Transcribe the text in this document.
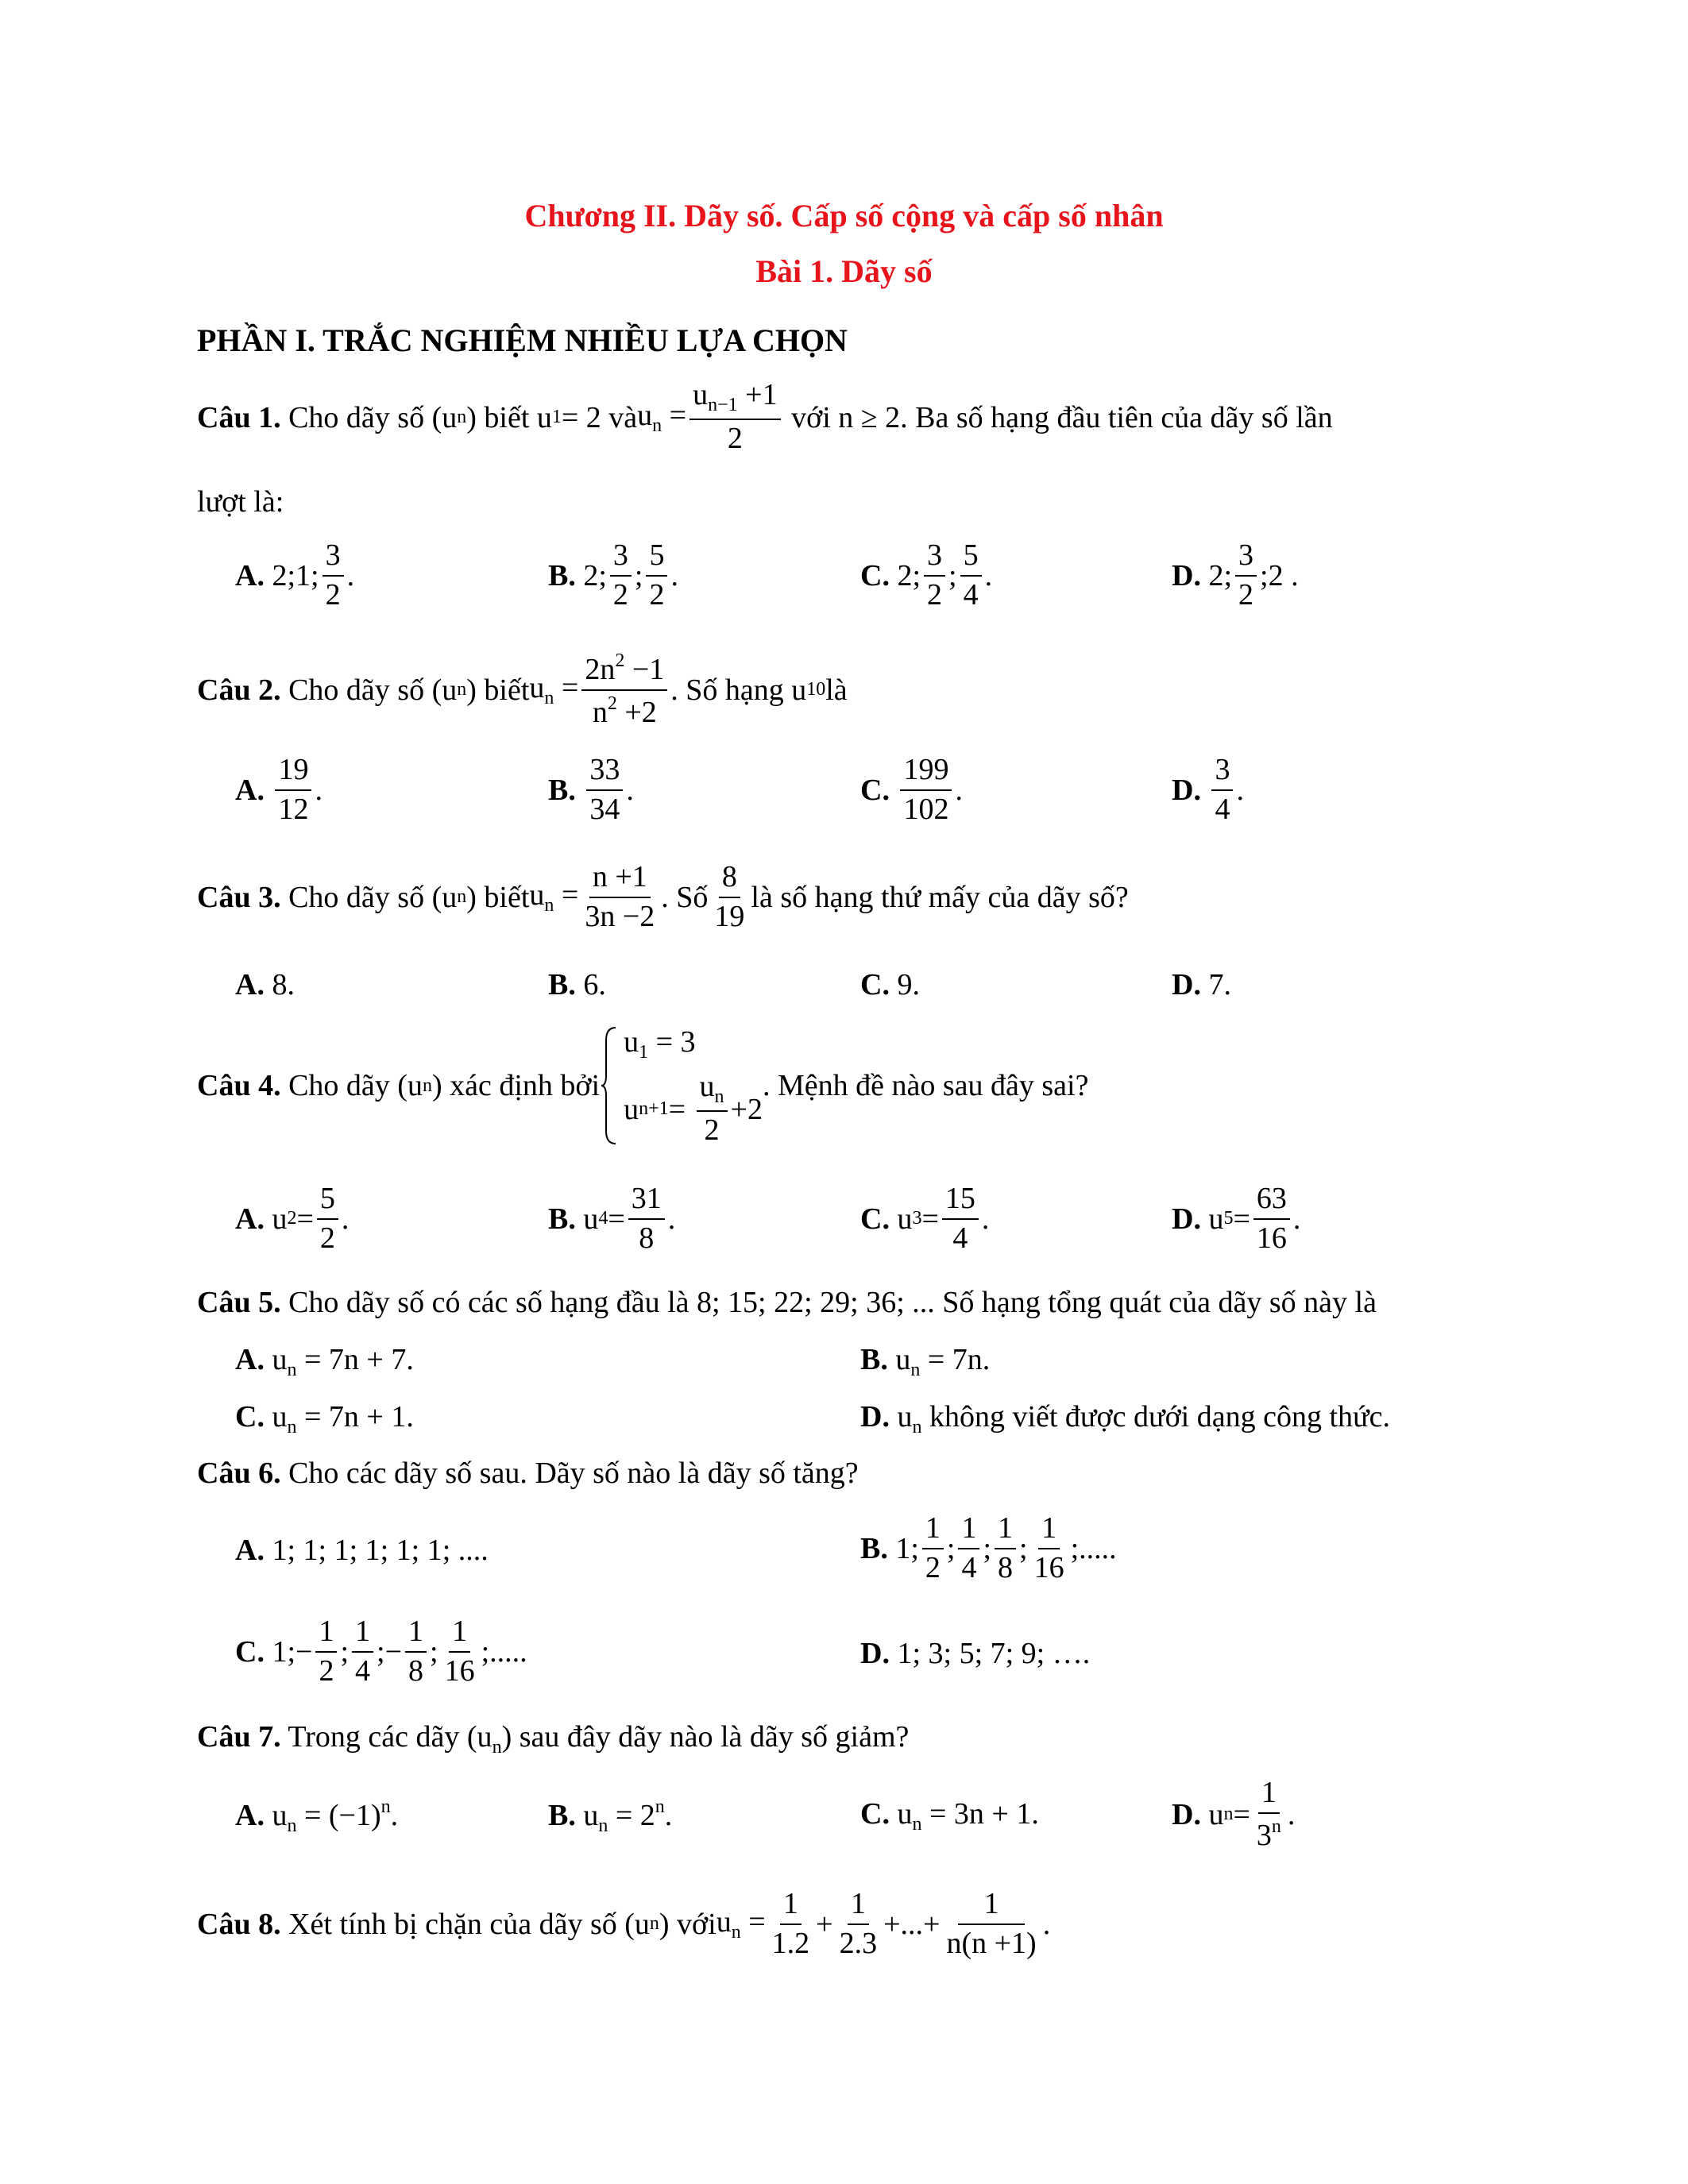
Chương II. Dãy số. Cấp số cộng và cấp số nhân
Bài 1. Dãy số
PHẦN I. TRẮC NGHIỆM NHIỀU LỰA CHỌN
Câu 1.
Cho dãy số (u n ) biết u 1 = 2 và $u_n = \frac{u_{n-1} +1}{2}$
với n ≥ 2. Ba số hạng đầu tiên của dãy số lần
lượt là:
A. 2;1; $\frac{3}{2}$ .	B. 2; $\frac{3}{2}$ ; $\frac{5}{2}$ .	C. 2; $\frac{3}{2}$ ; $\frac{5}{4}$ .	D. 2; $\frac{3}{2}$ ;2 .
Câu 2.
Cho dãy số (u n ) biết $u_n = \frac{2n^2 -1}{n^2 +2}$ . Số hạng u 10 là
A.
$\frac{19}{12}$ .	B.
$\frac{33}{34}$ .	C.
$\frac{199}{102}$ .	D.
$\frac{3}{4}$ .
Câu 3.
Cho dãy số (u n ) biết $u_n = \frac{n +1}{3n -2}$ . Số $\frac{8}{19}$ là số hạng thứ mấy của dãy số?
A. 8.	B. 6.	C. 9.	D. 7.
Câu 4.
Cho dãy (u n ) xác định bởi
$u_1 = 3$
u $n+1 = \frac{u_n}{2} +2$
. Mệnh đề nào sau đây sai?
A. u $2 = \frac{5}{2}$ .	B. u $4 = \frac{31}{8}$ .	C. u $3 = \frac{15}{4}$ .	D. u $5 = \frac{63}{16}$ .
Câu 5. Cho dãy số có các số hạng đầu là 8; 15; 22; 29; 36; ... Số hạng tổng quát của dãy số này là
A. $u_n = 7n + 7$.	B. $u_n = 7n$.
C. $u_n = 7n + 1$.	D. $u_n$ không viết được dưới dạng công thức.
Câu 6. Cho các dãy số sau. Dãy số nào là dãy số tăng?
A. 1; 1; 1; 1; 1; 1; ....	B. 1; $\frac{1}{2}$ ; $\frac{1}{4}$ ; $\frac{1}{8}$ ; $\frac{1}{16}$ ;.....
C. 1;− $\frac{1}{2}$ ; $\frac{1}{4}$ ;− $\frac{1}{8}$ ; $\frac{1}{16}$ ;.....	D. 1; 3; 5; 7; 9; ….
Câu 7. Trong các dãy $(u_n)$ sau đây dãy nào là dãy số giảm?
A. $u_n = (-1)^n$.	B. $u_n = 2^n$.	C. $u_n = 3n + 1$.	D. u $n = \frac{1}{3^n}$ .
Câu 8.
Xét tính bị chặn của dãy số (u n ) với $u_n = \frac{1}{1.2} + \frac{1}{2.3}$ +...+ $\frac{1}{n(n +1)}$ .
